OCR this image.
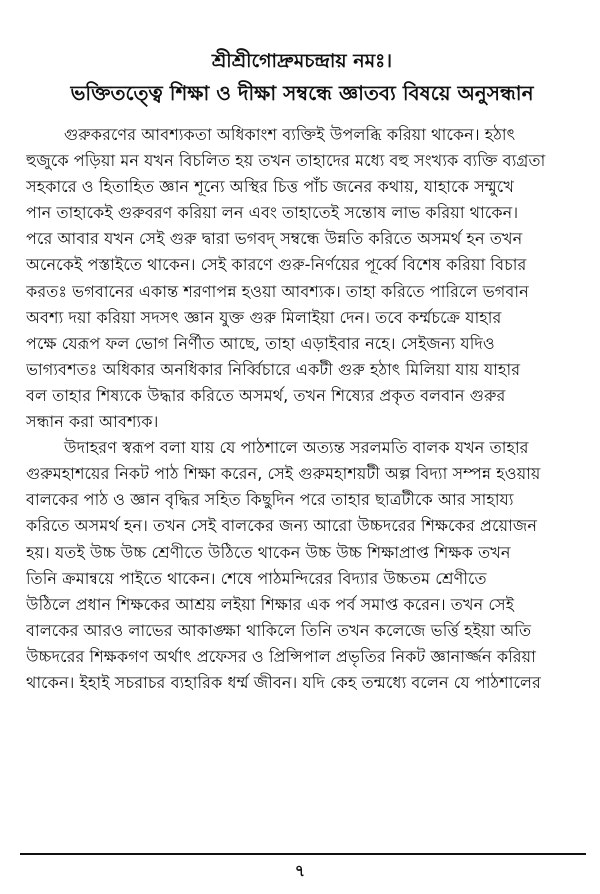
শ্রীশ্রীগোদ্রুমচন্দ্রায় নমঃ।
ভক্তিতত্ত্বে শিক্ষা ও দীক্ষা সম্বন্ধে জ্ঞাতব্য বিষয়ে অনুসন্ধান

গুরুকরণের আবশ্যকতা অধিকাংশ ব্যক্তিই উপলব্ধি করিয়া থাকেন। হঠাৎ
হুজুকে পড়িয়া মন যখন বিচলিত হয় তখন তাহাদের মধ্যে বহু সংখ্যক ব্যক্তি ব্যগ্রতা
সহকারে ও হিতাহিত জ্ঞান শূন্যে অস্থির চিত্ত পাঁচ জনের কথায়, যাহাকে সম্মুখে
পান তাহাকেই গুরুবরণ করিয়া লন এবং তাহাতেই সন্তোষ লাভ করিয়া থাকেন।
পরে আবার যখন সেই গুরু দ্বারা ভগবদ্ সম্বন্ধে উন্নতি করিতে অসমর্থ হন তখন
অনেকেই পস্তাইতে থাকেন। সেই কারণে গুরু-নির্ণয়ের পূর্ব্বে বিশেষ করিয়া বিচার
করতঃ ভগবানের একান্ত শরণাপন্ন হওয়া আবশ্যক। তাহা করিতে পারিলে ভগবান
অবশ্য দয়া করিয়া সদসৎ জ্ঞান যুক্ত গুরু মিলাইয়া দেন। তবে কর্ম্মচক্রে যাহার
পক্ষে যেরূপ ফল ভোগ নির্ণীত আছে, তাহা এড়াইবার নহে। সেইজন্য যদিও
ভাগ্যবশতঃ অধিকার অনধিকার নির্ব্বিচারে একটী গুরু হঠাৎ মিলিয়া যায় যাহার
বল তাহার শিষ্যকে উদ্ধার করিতে অসমর্থ, তখন শিষ্যের প্রকৃত বলবান গুরুর
সন্ধান করা আবশ্যক।

উদাহরণ স্বরূপ বলা যায় যে পাঠশালে অত্যন্ত সরলমতি বালক যখন তাহার
গুরুমহাশয়ের নিকট পাঠ শিক্ষা করেন, সেই গুরুমহাশয়টী অল্প বিদ্যা সম্পন্ন হওয়ায়
বালকের পাঠ ও জ্ঞান বৃদ্ধির সহিত কিছুদিন পরে তাহার ছাত্রটীকে আর সাহায্য
করিতে অসমর্থ হন। তখন সেই বালকের জন্য আরো উচ্চদরের শিক্ষকের প্রয়োজন
হয়। যতই উচ্চ উচ্চ শ্রেণীতে উঠিতে থাকেন উচ্চ উচ্চ শিক্ষাপ্রাপ্ত শিক্ষক তখন
তিনি ক্রমান্বয়ে পাইতে থাকেন। শেষে পাঠমন্দিরের বিদ্যার উচ্চতম শ্রেণীতে
উঠিলে প্রধান শিক্ষকের আশ্রয় লইয়া শিক্ষার এক পর্ব সমাপ্ত করেন। তখন সেই
বালকের আরও লাভের আকাঙ্ক্ষা থাকিলে তিনি তখন কলেজে ভর্ত্তি হইয়া অতি
উচ্চদরের শিক্ষকগণ অর্থাৎ প্রফেসর ও প্রিন্সিপাল প্রভৃতির নিকট জ্ঞানার্জ্জন করিয়া
থাকেন। ইহাই সচরাচর ব্যহারিক ধর্ম্ম জীবন। যদি কেহ তন্মধ্যে বলেন যে পাঠশালের

৭
